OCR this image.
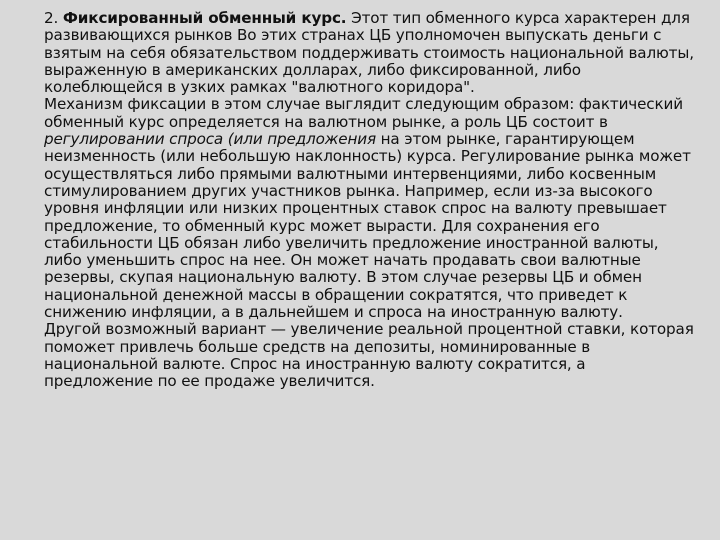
2. Фиксированный обменный курс. Этот тип обменного курса характерен для развивающихся рынков Во этих странах ЦБ уполномочен выпускать деньги с взятым на себя обязательством поддерживать стоимость национальной валюты, выраженную в американских долларах, либо фиксированной, либо колеблющейся в узких рамках "валютного коридора".

Механизм фиксации в этом случае выглядит следующим образом: фактический обменный курс определяется на валютном рынке, а роль ЦБ состоит в регулировании спроса (или предложения на этом рынке, гарантирующем неизменность (или небольшую наклонность) курса. Регулирование рынка может осуществляться либо прямыми валютными интервенциями, либо косвенным стимулированием других участников рынка. Например, если из-за высокого уровня инфляции или низких процентных ставок спрос на валюту превышает предложение, то обменный курс может вырасти. Для сохранения его стабильности ЦБ обязан либо увеличить предложение иностранной валюты, либо уменьшить спрос на нее. Он может начать продавать свои валютные резервы, скупая национальную валюту. В этом случае резервы ЦБ и обмен национальной денежной массы в обращении сократятся, что приведет к снижению инфляции, а в дальнейшем и спроса на иностранную валюту.

Другой возможный вариант — увеличение реальной процентной ставки, которая поможет привлечь больше средств на депозиты, номинированные в национальной валюте. Спрос на иностранную валюту сократится, а предложение по ее продаже увеличится.
